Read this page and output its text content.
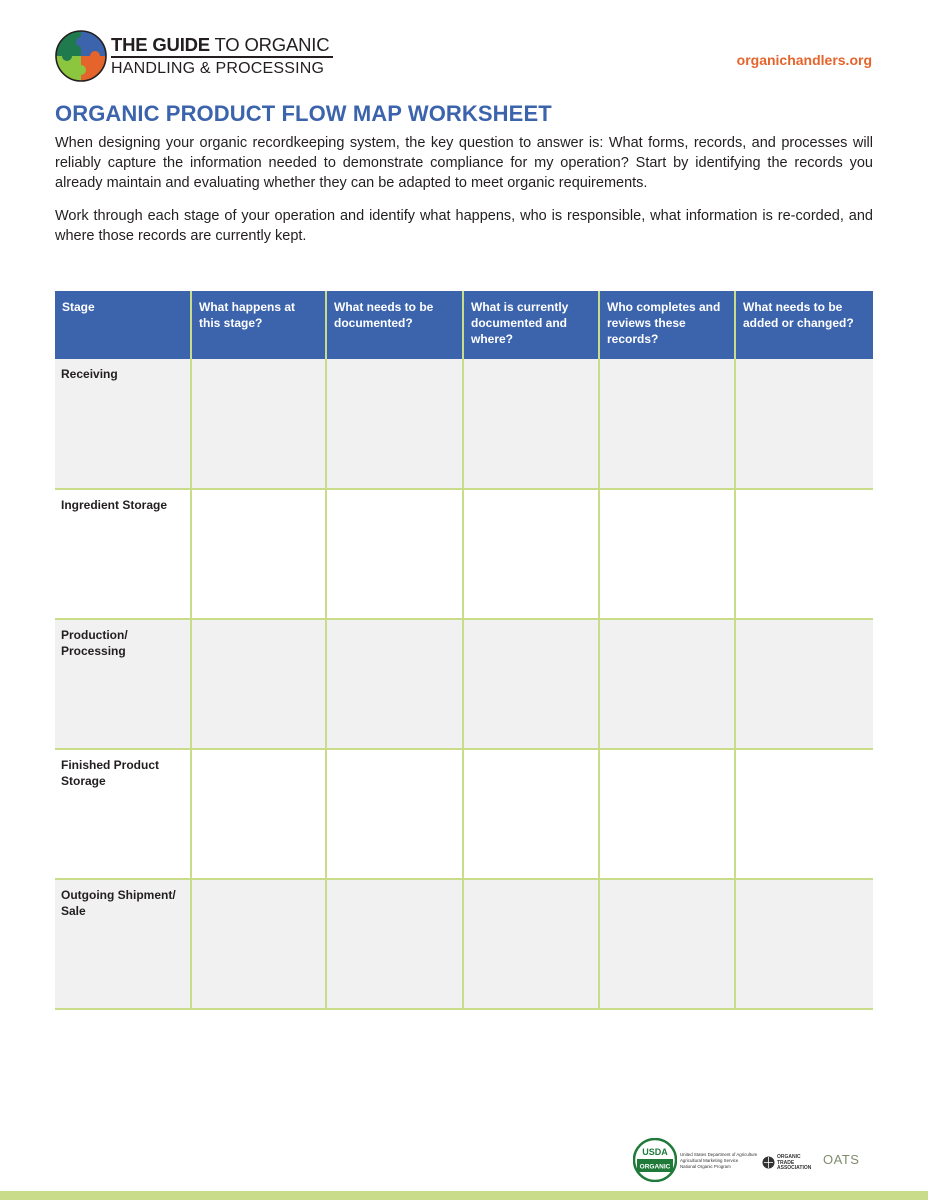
THE GUIDE TO ORGANIC
HANDLING & PROCESSING	organichandlers.org
ORGANIC PRODUCT FLOW MAP WORKSHEET

When designing your organic recordkeeping system, the key question to answer is: What forms, records, and processes will reliably capture the information needed to demonstrate compliance for my operation? Start by identifying the records you already maintain and evaluating whether they can be adapted to meet organic requirements.

Work through each stage of your operation and identify what happens, who is responsible, what information is re-corded, and where those records are currently kept.

Stage	What happens at this stage?	What needs to be documented?	What is currently documented and where?	Who completes and reviews these records?	What needs to be added or changed?
Receiving					
Ingredient Storage					
Production/ Processing					
Finished Product Storage					
Outgoing Shipment/ Sale					
USDA
ORGANIC
United States Department of Agriculture
Agricultural Marketing Service
National Organic Program
ORGANIC
TRADE
ASSOCIATION
OATS
